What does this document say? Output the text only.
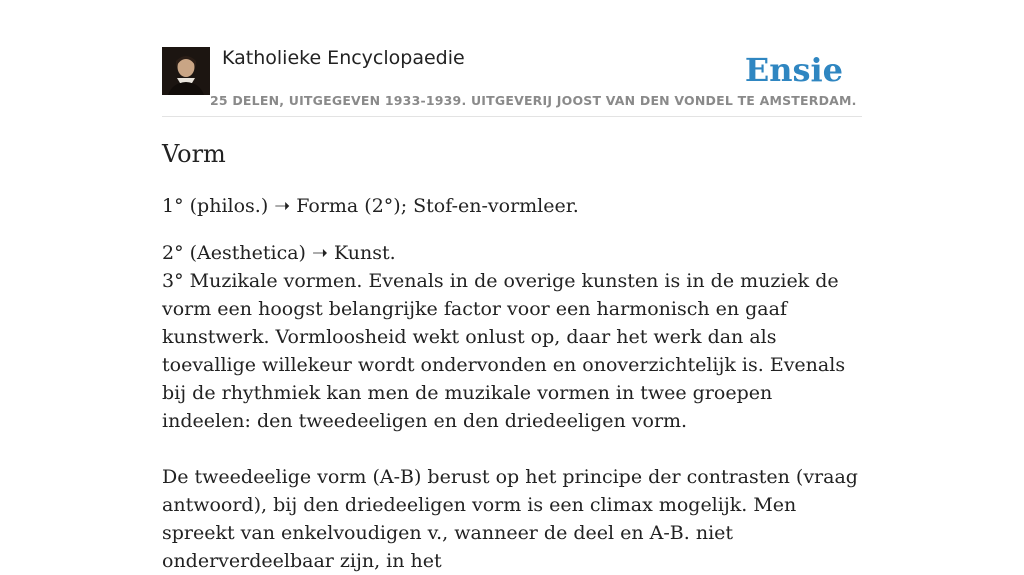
Katholieke Encyclopaedie
25 DELEN, UITGEGEVEN 1933-1939. UITGEVERIJ JOOST VAN DEN VONDEL TE AMSTERDAM.
Ensie
Vorm

1° (philos.) ➝ Forma (2°); Stof-en-vormleer.

2° (Aesthetica) ➝ Kunst.

3° Muzikale vormen. Evenals in de overige kunsten is in de muziek de vorm een hoogst belangrijke factor voor een harmonisch en gaaf kunstwerk. Vormloosheid wekt onlust op, daar het werk dan als toevallige willekeur wordt ondervonden en onoverzichtelijk is. Evenals bij de rhythmiek kan men de muzikale vormen in twee groepen indeelen: den tweedeeligen en den driedeeligen vorm.

De tweedeelige vorm (A-B) berust op het principe der contrasten (vraag antwoord), bij den driedeeligen vorm is een climax mogelijk. Men spreekt van enkelvoudigen v., wanneer de deel en A-B. niet onderverdeelbaar zijn, in het
